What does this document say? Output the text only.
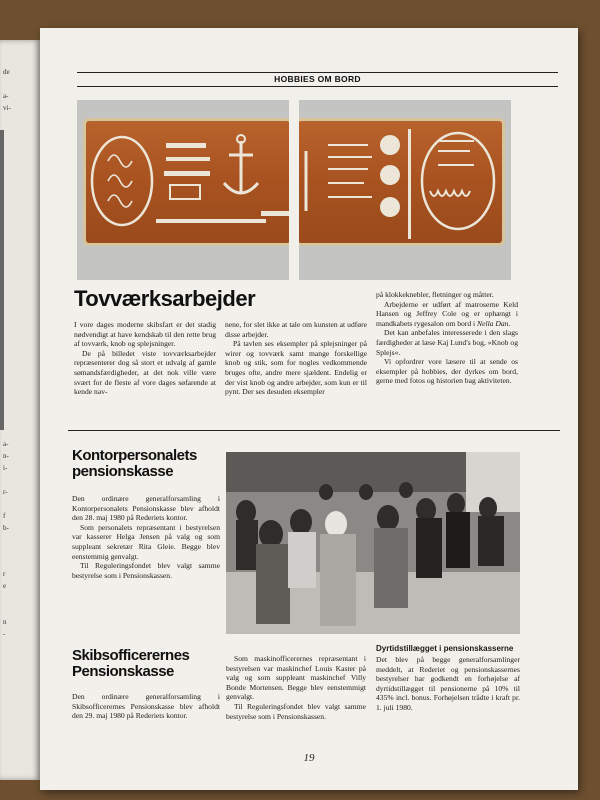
de
a-
vi-
a-
n-
i-
r-
f
b-
r
e
n
-
HOBBIES OM BORD
Tovværksarbejder

I vore dages moderne skibsfart er det stadig nødvendigt at have kendskab til den rette brug af tovværk, knob og splejsninger.

De på billedet viste tovværksarbejder repræsenterer dog så stort et udvalg af gamle sømandsfærdigheder, at det nok ville være svært for de fleste af vore dages søfarende at kende nav-

nene, for slet ikke at tale om kunsten at udføre disse arbejder.

På tavlen ses eksempler på splejsninger på wirer og tovværk samt mange forskellige knob og stik, som for nogles vedkommende bruges ofte, andre mere sjældent. Endelig er der vist knob og andre arbejder, som kun er til pynt. Der ses desuden eksempler

på klokkeknebler, fletninger og måtter.

Arbejderne er udført af matroserne Keld Hansen og Jeffrey Cole og er ophængt i mandkabets rygesalon om bord i Nella Dan.

Det kan anbefales interesserede i den slags færdigheder at læse Kaj Lund's bog, »Knob og Splejs«.

Vi opfordrer vore læsere til at sende os eksempler på hobbies, der dyrkes om bord, gerne med fotos og historien bag aktiviteten.

Kontorpersonalets
pensionskasse

Den ordinære generalforsamling i Kontorpersonalets Pensionskasse blev afholdt den 28. maj 1980 på Rederiets kontor.

Som personalets repræsentant i bestyrelsen var kasserer Helga Jensen på valg og som suppleant sekretær Rita Gleie. Begge blev eenstemmig genvalgt.

Til Reguleringsfondet blev valgt samme bestyrelse som i Pensionskassen.

Skibsofficerernes
Pensionskasse

Den ordinære generalforsamling i Skibsofficerernes Pensionskasse blev afholdt den 29. maj 1980 på Rederiets kontor.

Som maskinofficerernes repræsentant i bestyrelsen var maskinchef Louis Kaster på valg og som suppleant maskinchef Villy Bonde Mortensen. Begge blev eenstemmigt genvalgt.

Til Reguleringsfondet blev valgt samme bestyrelse som i Pensionskassen.

Dyrtidstillægget i pensionskasserne

Det blev på begge generalforsamlinger meddelt, at Rederiet og pensionskassernes bestyrelser har godkendt en forhøjelse af dyrtidstillægget til pensionerne på 10% til 435% incl. bonus. Forhøjelsen trådte i kraft pr. 1. juli 1980.

19
